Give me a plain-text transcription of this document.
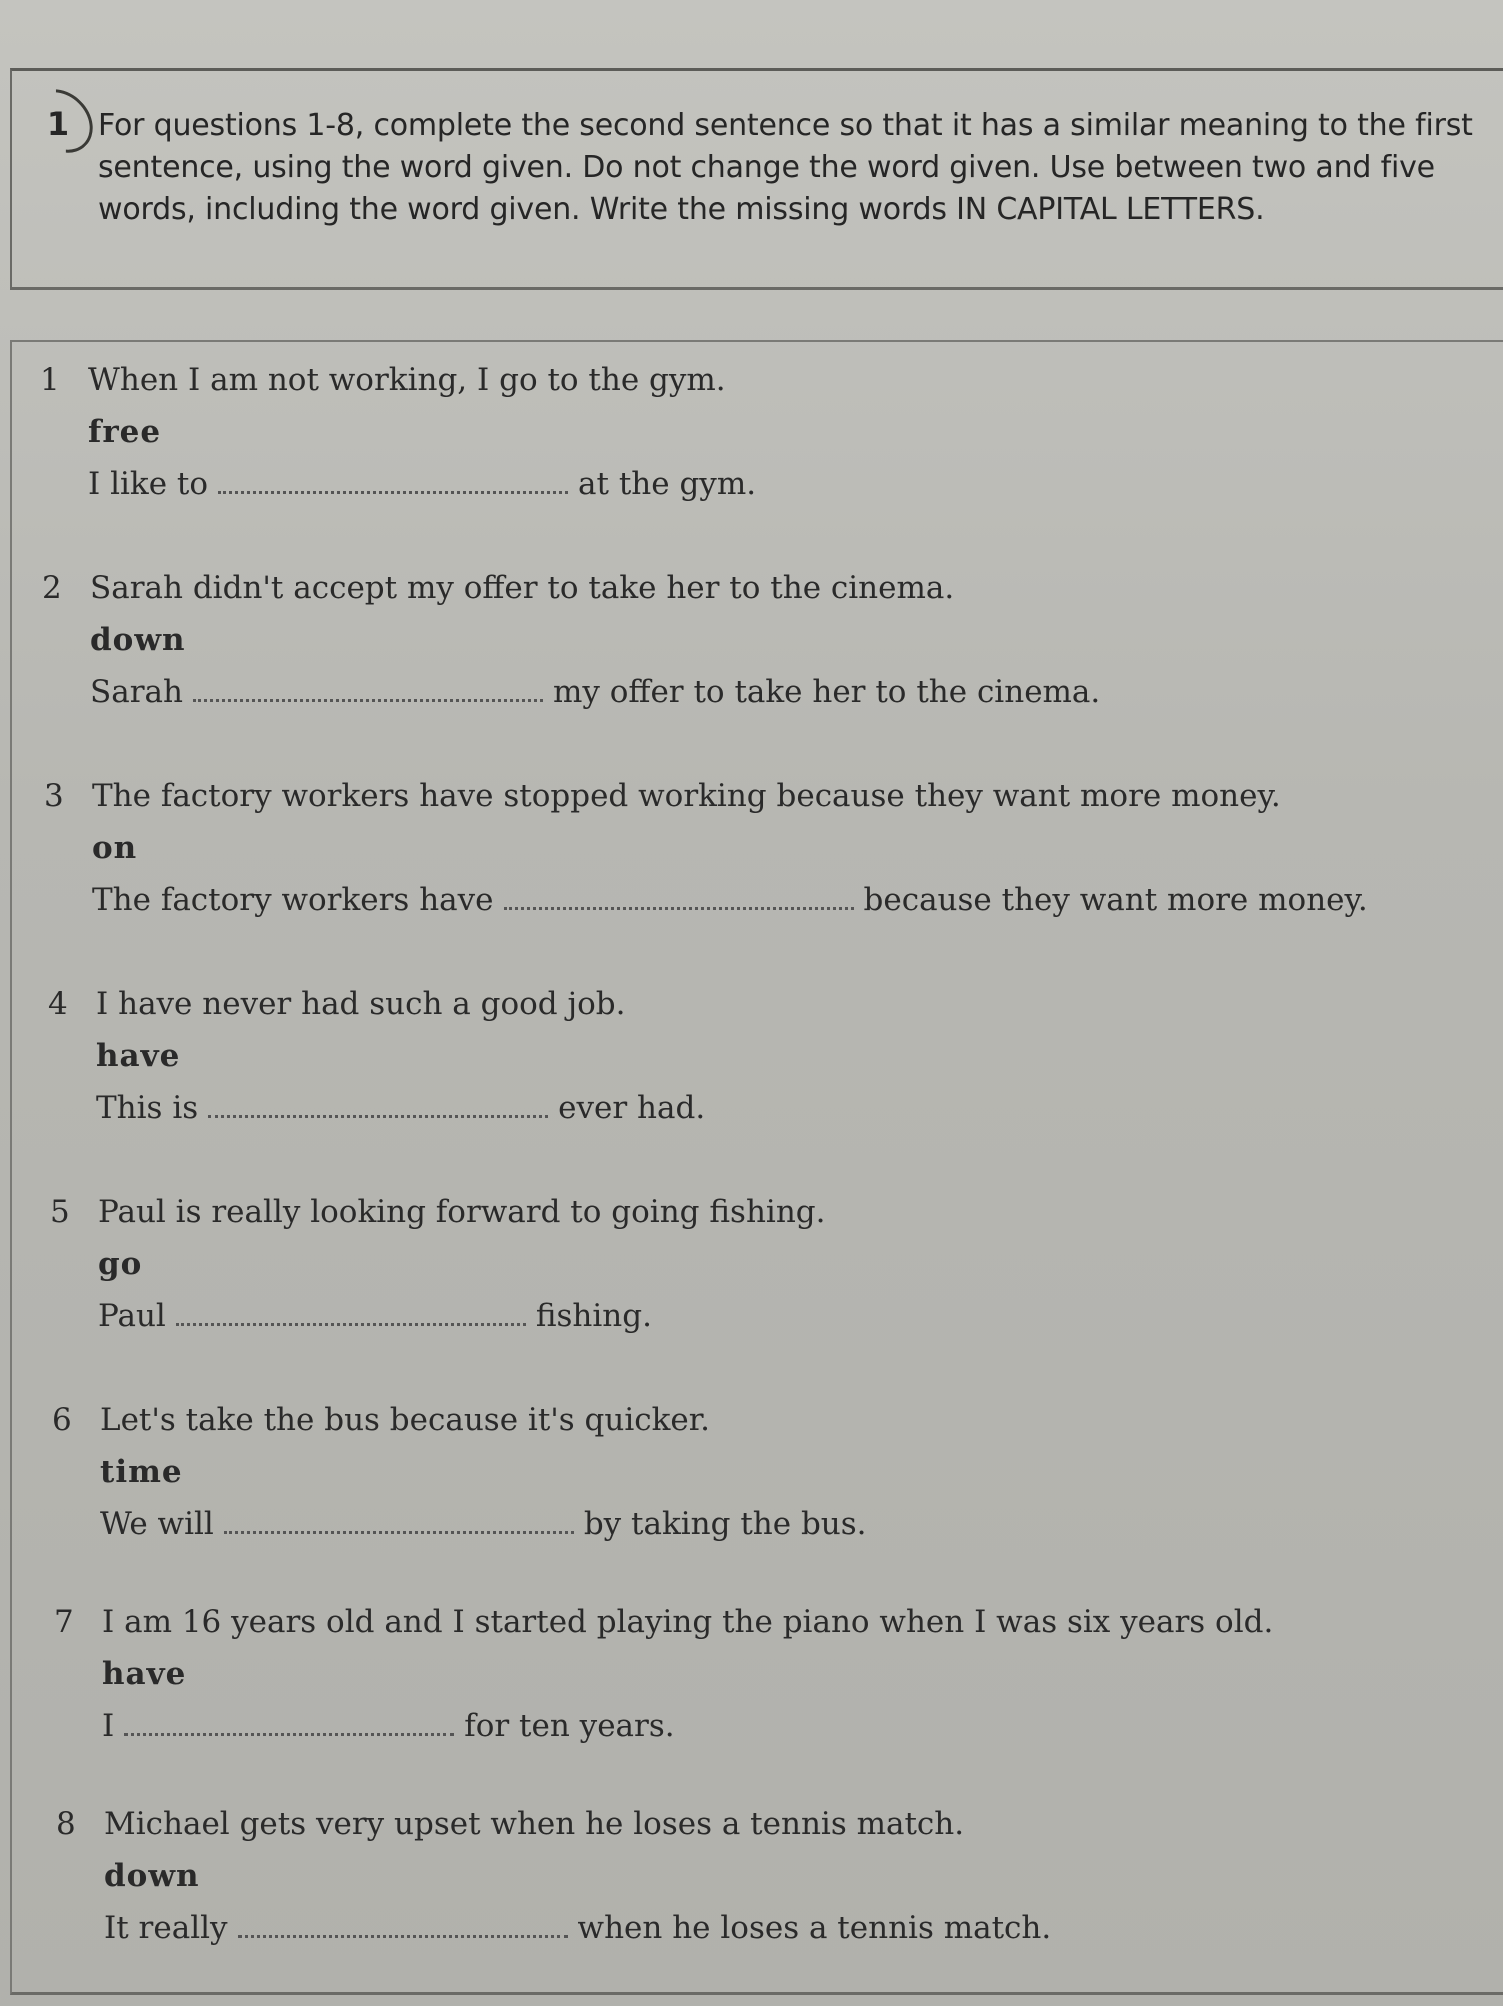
1 For questions 1-8, complete the second sentence so that it has a similar meaning to the first sentence, using the word given. Do not change the word given. Use between two and five words, including the word given. Write the missing words IN CAPITAL LETTERS.
1 When I am not working, I go to the gym.
free
I like to	at the gym.
2 Sarah didn't accept my offer to take her to the cinema.
down
Sarah	my offer to take her to the cinema.
3 The factory workers have stopped working because they want more money.
on
The factory workers have	because they want more money.
4 I have never had such a good job.
have
This is	ever had.
5 Paul is really looking forward to going fishing.
go
Paul	fishing.
6 Let's take the bus because it's quicker.
time
We will	by taking the bus.
7 I am 16 years old and I started playing the piano when I was six years old.
have
I	for ten years.
8 Michael gets very upset when he loses a tennis match.
down
It really	when he loses a tennis match.
